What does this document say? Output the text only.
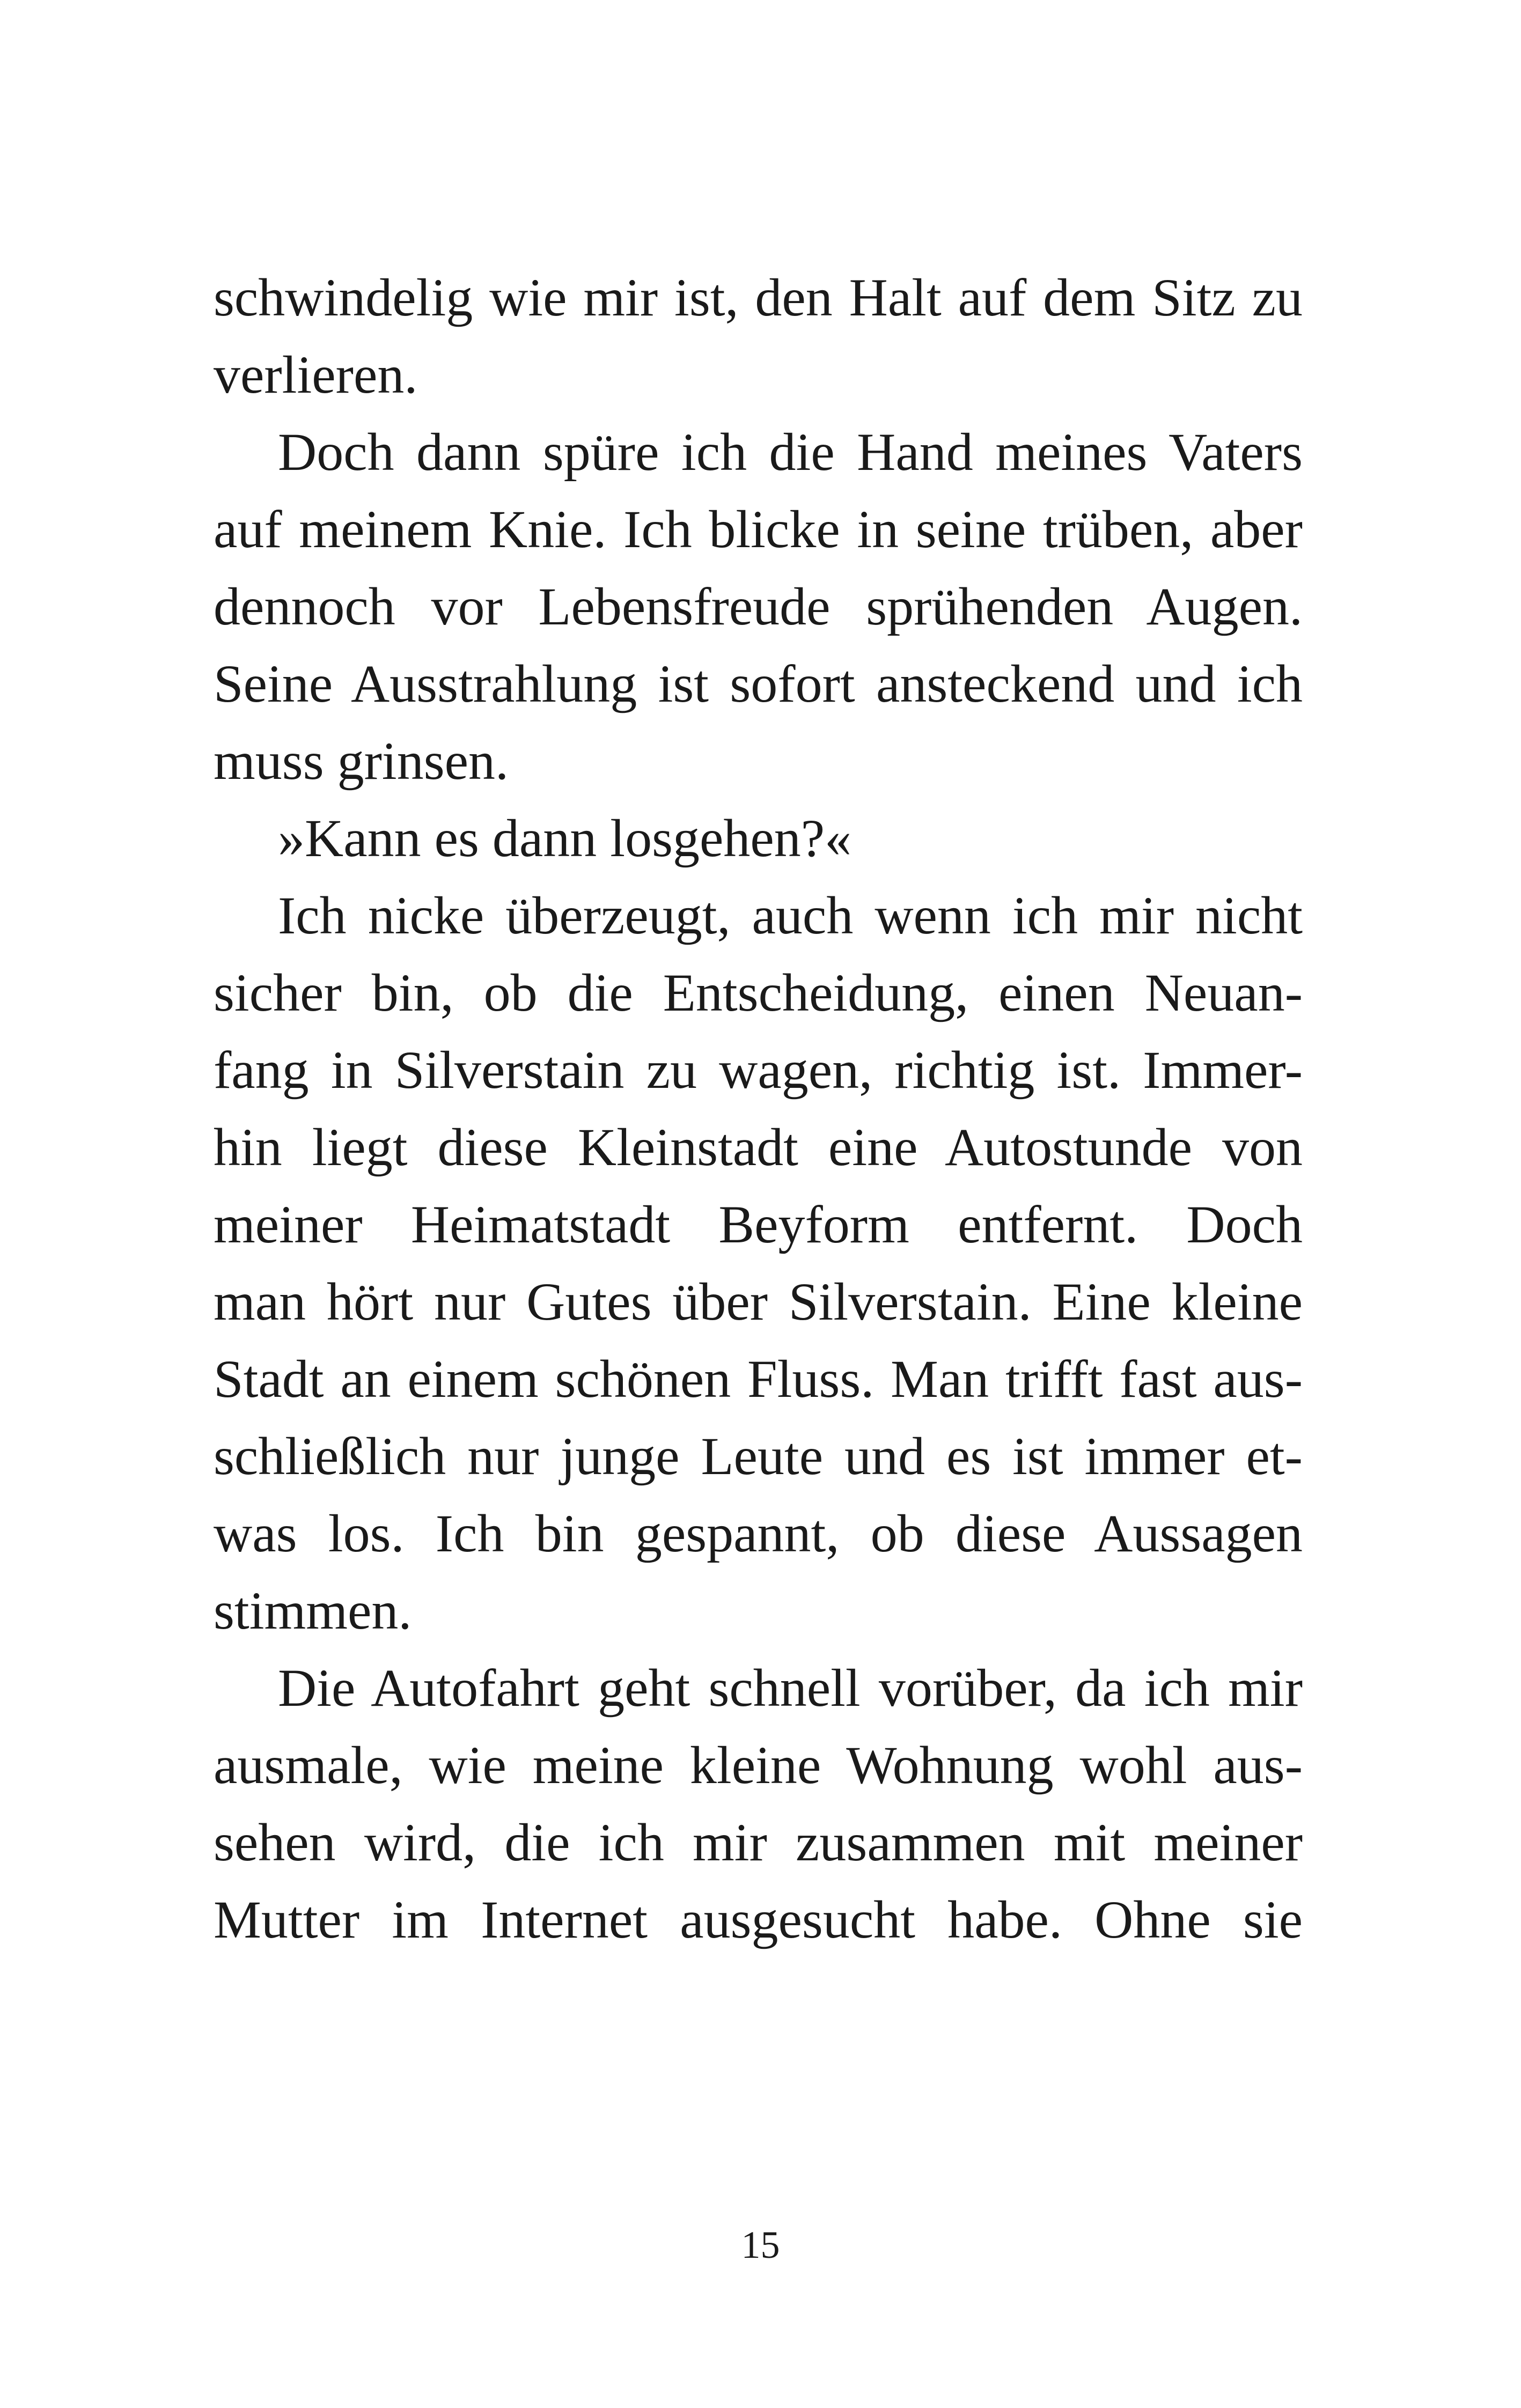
schwindelig wie mir ist, den Halt auf dem Sitz zu
verlieren.
Doch dann spüre ich die Hand meines Vaters
auf meinem Knie. Ich blicke in seine trüben, aber
dennoch vor Lebensfreude sprühenden Augen.
Seine Ausstrahlung ist sofort ansteckend und ich
muss grinsen.
»Kann es dann losgehen?«
Ich nicke überzeugt, auch wenn ich mir nicht
sicher bin, ob die Entscheidung, einen Neuan-
fang in Silverstain zu wagen, richtig ist. Immer-
hin liegt diese Kleinstadt eine Autostunde von
meiner Heimatstadt Beyform entfernt. Doch
man hört nur Gutes über Silverstain. Eine kleine
Stadt an einem schönen Fluss. Man trifft fast aus-
schließlich nur junge Leute und es ist immer et-
was los. Ich bin gespannt, ob diese Aussagen
stimmen.
Die Autofahrt geht schnell vorüber, da ich mir
ausmale, wie meine kleine Wohnung wohl aus-
sehen wird, die ich mir zusammen mit meiner
Mutter im Internet ausgesucht habe. Ohne sie
15
